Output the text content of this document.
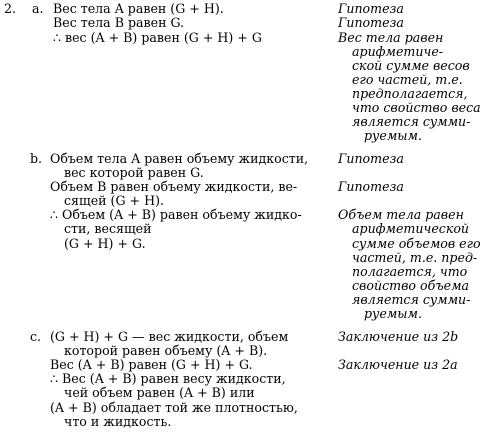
2. a. Вес тела A равен (G + H).
Вес тела B равен G.
∴ вес (A + B) равен (G + H) + G
Гипотеза
Гипотеза
Вес тела равен
арифметиче-
ской сумме весов
его частей, т.е.
предполагается,
что свойство веса
является сумми-
руемым.
b. Объем тела A равен объему жидкости,
вес которой равен G.
Объем B равен объему жидкости, ве-
сящей (G + H).
∴ Объем (A + B) равен объему жидко-
сти, весящей
(G + H) + G.
Гипотеза
Гипотеза
Объем тела равен
арифметической
сумме объемов его
частей, т.е. пред-
полагается, что
свойство объема
является сумми-
руемым.
c. (G + H) + G — вес жидкости, объем
которой равен объему (A + B).
Вес (A + B) равен (G + H) + G.
∴ Вес (A + B) равен весу жидкости,
чей объем равен (A + B) или
(A + B) обладает той же плотностью,
что и жидкость.
Заключение из 2b
Заключение из 2a
